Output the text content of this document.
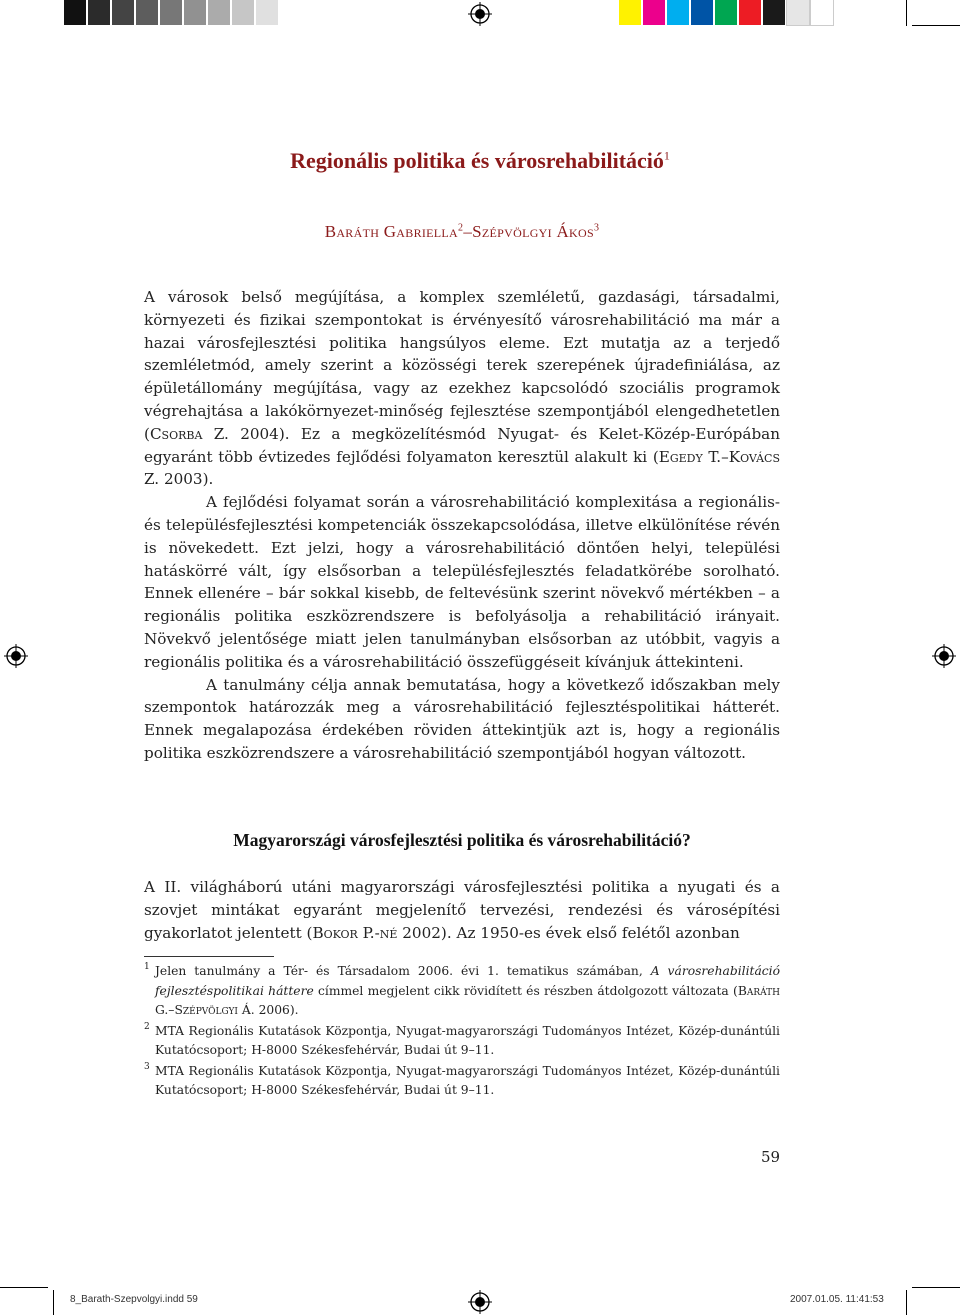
Regionális politika és városrehabilitáció$^1$
Baráth Gabriella$^2$–Szépvölgyi Ákos$^3$

A városok belső megújítása, a komplex szemléletű, gazdasági, társadalmi, környezeti és fizikai szempontokat is érvényesítő városrehabilitáció ma már a hazai városfejlesztési politika hangsúlyos eleme. Ezt mutatja az a terjedő szemléletmód, amely szerint a közösségi terek szerepének újradefiniálása, az épületállomány megújítása, vagy az ezekhez kapcsolódó szociális programok végrehajtása a lakókörnyezet-minőség fejlesztése szempontjából elengedhetetlen (Csorba Z. 2004). Ez a megközelítésmód Nyugat- és Kelet-Közép-Európában egyaránt több évtizedes fejlődési folyamaton keresztül alakult ki (Egedy T.–Kovács Z. 2003).

A fejlődési folyamat során a városrehabilitáció komplexitása a regionális- és településfejlesztési kompetenciák összekapcsolódása, illetve elkülönítése révén is növekedett. Ezt jelzi, hogy a városrehabilitáció döntően helyi, települési hatáskörré vált, így elsősorban a településfejlesztés feladatkörébe sorolható. Ennek ellenére – bár sokkal kisebb, de feltevésünk szerint növekvő mértékben – a regionális politika eszközrendszere is befolyásolja a rehabilitáció irányait. Növekvő jelentősége miatt jelen tanulmányban elsősorban az utóbbit, vagyis a regionális politika és a városrehabilitáció összefüggéseit kívánjuk áttekinteni.

A tanulmány célja annak bemutatása, hogy a következő időszakban mely szempontok határozzák meg a városrehabilitáció fejlesztéspolitikai hátterét. Ennek megalapozása érdekében röviden áttekintjük azt is, hogy a regionális politika eszközrendszere a városrehabilitáció szempontjából hogyan változott.

Magyarországi városfejlesztési politika és városrehabilitáció?

A II. világháború utáni magyarországi városfejlesztési politika a nyugati és a szovjet mintákat egyaránt megjelenítő tervezési, rendezési és városépítési gyakorlatot jelentett (Bokor P.-né 2002). Az 1950-es évek első felétől azonban

1 Jelen tanulmány a Tér- és Társadalom 2006. évi 1. tematikus számában, A városrehabilitáció fejlesztéspolitikai háttere címmel megjelent cikk rövidített és részben átdolgozott változata (Baráth G.–Szépvölgyi Á. 2006).
2 MTA Regionális Kutatások Központja, Nyugat-magyarországi Tudományos Intézet, Közép-dunántúli Kutatócsoport; H-8000 Székesfehérvár, Budai út 9–11.
3 MTA Regionális Kutatások Központja, Nyugat-magyarországi Tudományos Intézet, Közép-dunántúli Kutatócsoport; H-8000 Székesfehérvár, Budai út 9–11.
59
8_Barath-Szepvolgyi.indd 59	2007.01.05. 11:41:53
